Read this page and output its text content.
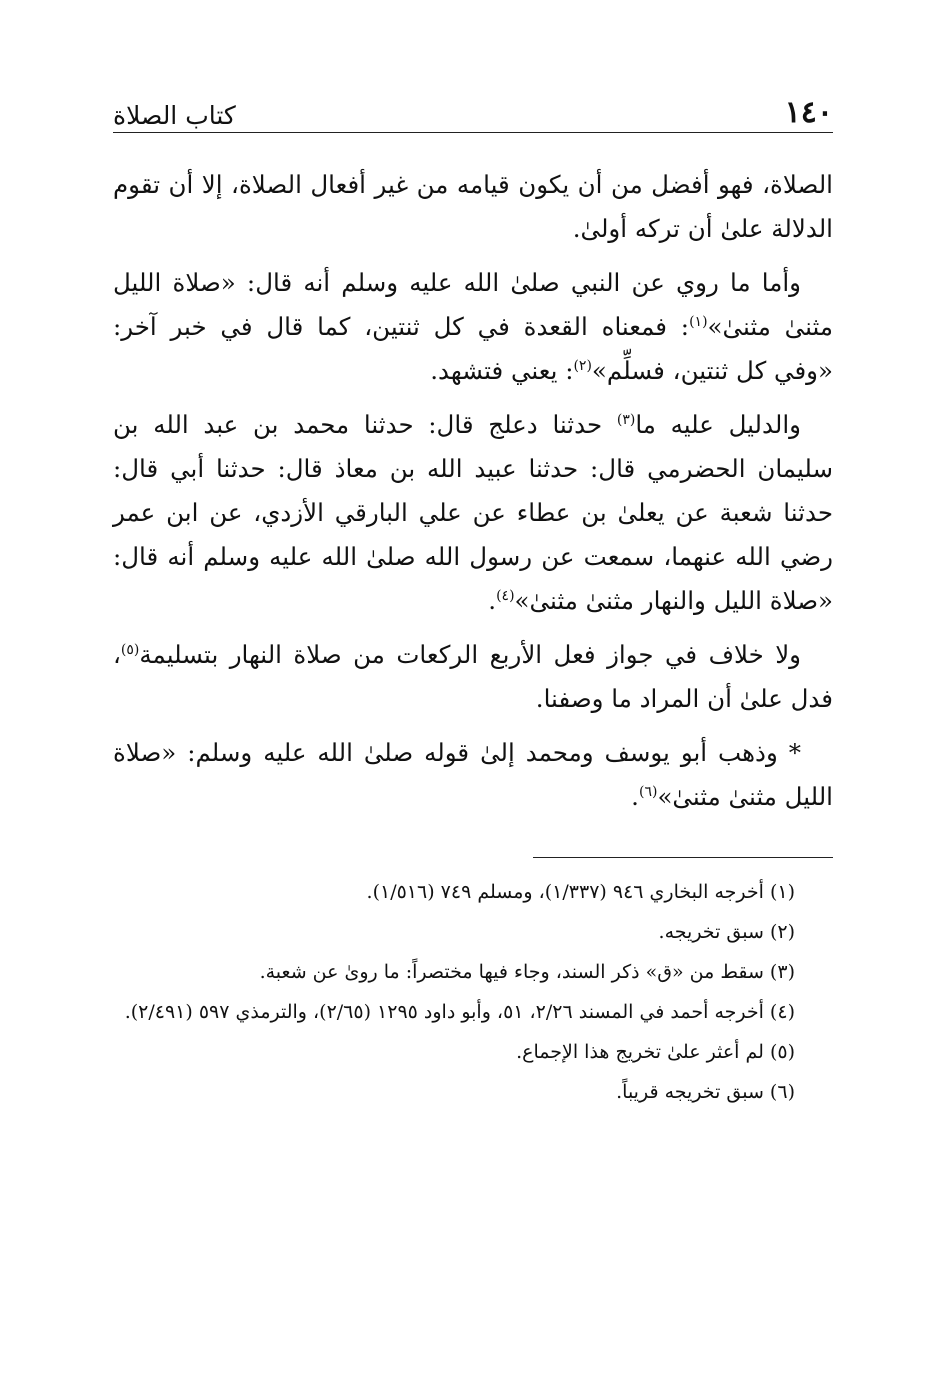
١٤٠
كتاب الصلاة

الصلاة، فهو أفضل من أن يكون قيامه من غير أفعال الصلاة، إلا أن تقوم الدلالة علىٰ أن تركه أولىٰ.

وأما ما روي عن النبي صلىٰ الله عليه وسلم أنه قال: «صلاة الليل مثنىٰ مثنىٰ»$^{(١)}$: فمعناه القعدة في كل ثنتين، كما قال في خبر آخر: «وفي كل ثنتين، فسلِّم»$^{(٢)}$: يعني فتشهد.

والدليل عليه ما$^{(٣)}$ حدثنا دعلج قال: حدثنا محمد بن عبد الله بن سليمان الحضرمي قال: حدثنا عبيد الله بن معاذ قال: حدثنا أبي قال: حدثنا شعبة عن يعلىٰ بن عطاء عن علي البارقي الأزدي، عن ابن عمر رضي الله عنهما، سمعت عن رسول الله صلىٰ الله عليه وسلم أنه قال: «صلاة الليل والنهار مثنىٰ مثنىٰ»$^{(٤)}$.

ولا خلاف في جواز فعل الأربع الركعات من صلاة النهار بتسليمة$^{(٥)}$، فدل علىٰ أن المراد ما وصفنا.

* وذهب أبو يوسف ومحمد إلىٰ قوله صلىٰ الله عليه وسلم: «صلاة الليل مثنىٰ مثنىٰ»$^{(٦)}$.

(١) أخرجه البخاري ٩٤٦ (١/٣٣٧)، ومسلم ٧٤٩ (١/٥١٦).

(٢) سبق تخريجه.

(٣) سقط من «ق» ذكر السند، وجاء فيها مختصراً: ما روىٰ عن شعبة.

(٤) أخرجه أحمد في المسند ٢/٢٦، ٥١، وأبو داود ١٢٩٥ (٢/٦٥)، والترمذي ٥٩٧ (٢/٤٩١).

(٥) لم أعثر علىٰ تخريج هذا الإجماع.

(٦) سبق تخريجه قريباً.
